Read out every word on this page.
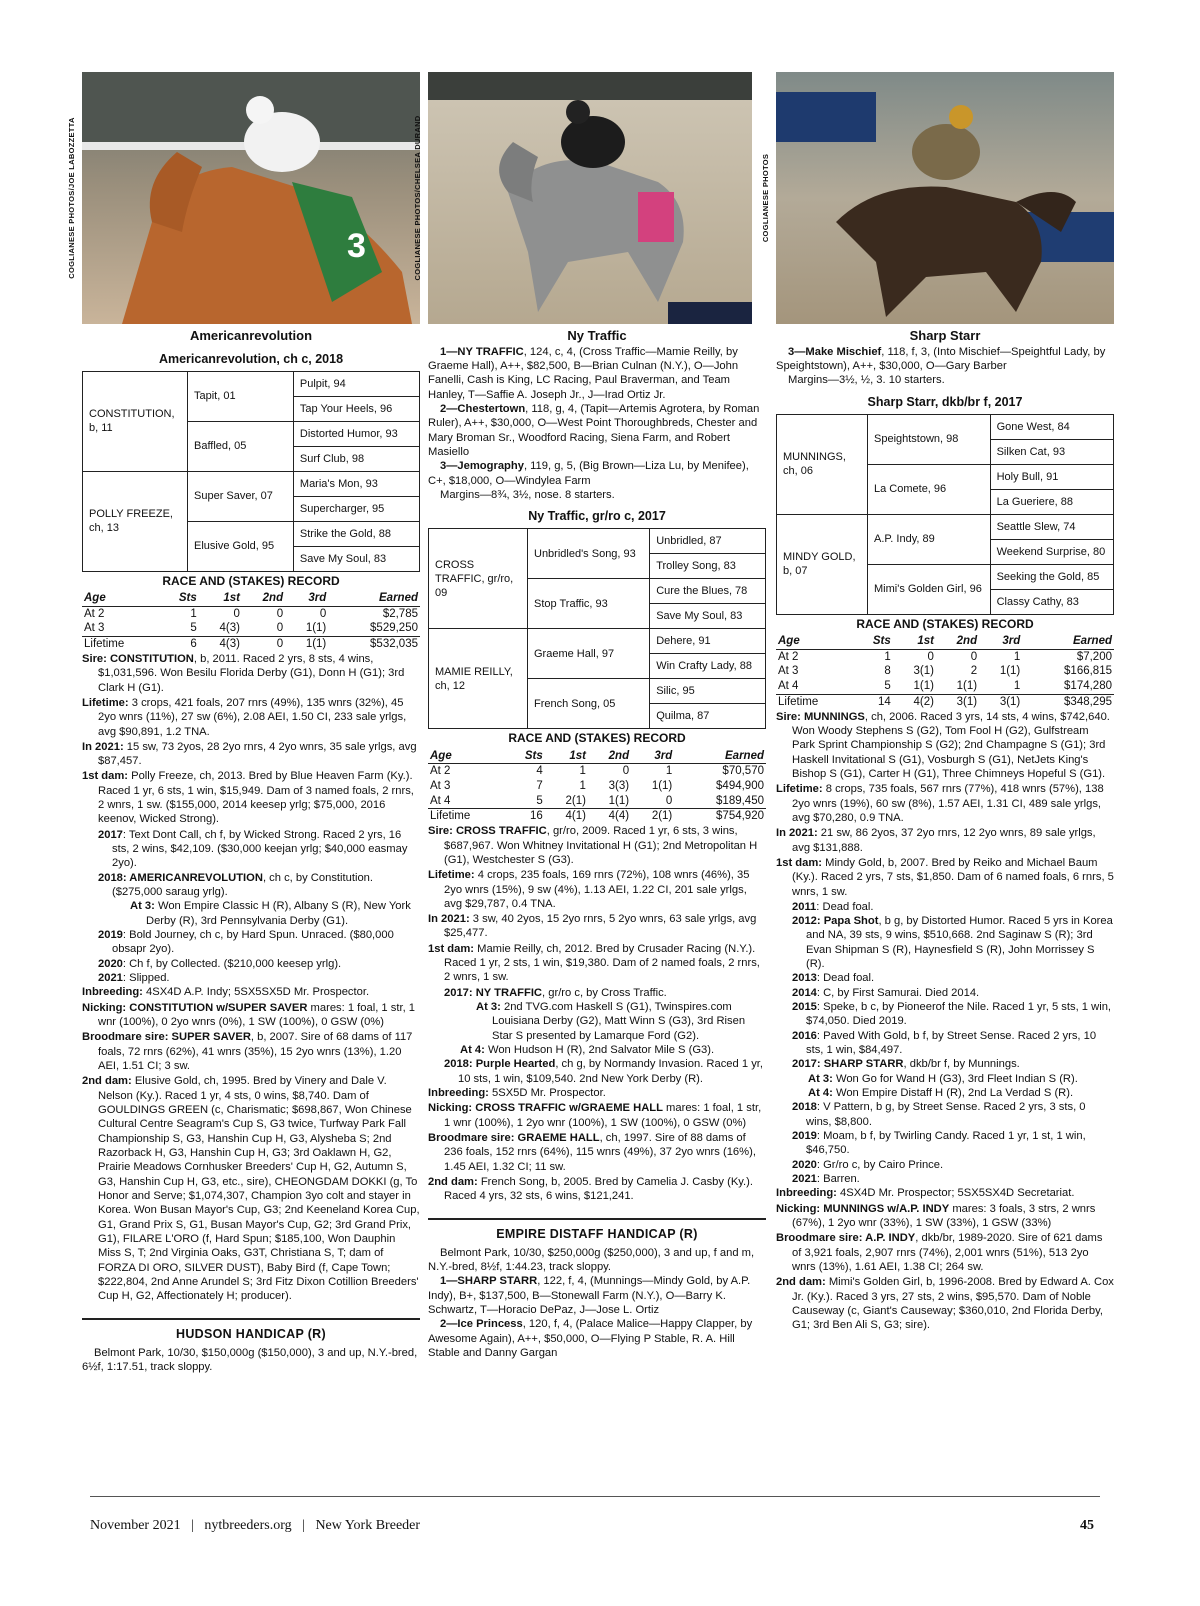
COGLIANESE PHOTOS/JOE LABOZZETTA	3
Americanrevolution
Americanrevolution, ch c, 2018
CONSTITUTION, b, 11	Tapit, 01	Pulpit, 94
		Tap Your Heels, 96
	Baffled, 05	Distorted Humor, 93
		Surf Club, 98
POLLY FREEZE, ch, 13	Super Saver, 07	Maria's Mon, 93
		Supercharger, 95
	Elusive Gold, 95	Strike the Gold, 88
		Save My Soul, 83
RACE AND (STAKES) RECORD
Age	Sts	1st	2nd	3rd	Earned
At 2	1	0	0	0	$2,785
At 3	5	4(3)	0	1(1)	$529,250
Lifetime	6	4(3)	0	1(1)	$532,035

Sire: CONSTITUTION, b, 2011. Raced 2 yrs, 8 sts, 4 wins, $1,031,596. Won Besilu Florida Derby (G1), Donn H (G1); 3rd Clark H (G1).

Lifetime: 3 crops, 421 foals, 207 rnrs (49%), 135 wnrs (32%), 45 2yo wnrs (11%), 27 sw (6%), 2.08 AEI, 1.50 CI, 233 sale yrlgs, avg $90,891, 1.2 TNA.

In 2021: 15 sw, 73 2yos, 28 2yo rnrs, 4 2yo wnrs, 35 sale yrlgs, avg $87,457.

1st dam: Polly Freeze, ch, 2013. Bred by Blue Heaven Farm (Ky.). Raced 1 yr, 6 sts, 1 win, $15,949. Dam of 3 named foals, 2 rnrs, 2 wnrs, 1 sw. ($155,000, 2014 keesep yrlg; $75,000, 2016 keenov, Wicked Strong).

2017: Text Dont Call, ch f, by Wicked Strong. Raced 2 yrs, 16 sts, 2 wins, $42,109. ($30,000 keejan yrlg; $40,000 easmay 2yo).

2018: AMERICANREVOLUTION, ch c, by Constitution. ($275,000 saraug yrlg).

At 3: Won Empire Classic H (R), Albany S (R), New York Derby (R), 3rd Pennsylvania Derby (G1).

2019: Bold Journey, ch c, by Hard Spun. Unraced. ($80,000 obsapr 2yo).

2020: Ch f, by Collected. ($210,000 keesep yrlg).

2021: Slipped.

Inbreeding: 4SX4D A.P. Indy; 5SX5SX5D Mr. Prospector.

Nicking: CONSTITUTION w/SUPER SAVER mares: 1 foal, 1 str, 1 wnr (100%), 0 2yo wnrs (0%), 1 SW (100%), 0 GSW (0%)

Broodmare sire: SUPER SAVER, b, 2007. Sire of 68 dams of 117 foals, 72 rnrs (62%), 41 wnrs (35%), 15 2yo wnrs (13%), 1.20 AEI, 1.51 CI; 3 sw.

2nd dam: Elusive Gold, ch, 1995. Bred by Vinery and Dale V. Nelson (Ky.). Raced 1 yr, 4 sts, 0 wins, $8,740. Dam of GOULDINGS GREEN (c, Charismatic; $698,867, Won Chinese Cultural Centre Seagram's Cup S, G3 twice, Turfway Park Fall Championship S, G3, Hanshin Cup H, G3, Alysheba S; 2nd Razorback H, G3, Hanshin Cup H, G3; 3rd Oaklawn H, G2, Prairie Meadows Cornhusker Breeders' Cup H, G2, Autumn S, G3, Hanshin Cup H, G3, etc., sire), CHEONGDAM DOKKI (g, To Honor and Serve; $1,074,307, Champion 3yo colt and stayer in Korea. Won Busan Mayor's Cup, G3; 2nd Keeneland Korea Cup, G1, Grand Prix S, G1, Busan Mayor's Cup, G2; 3rd Grand Prix, G1), FILARE L'ORO (f, Hard Spun; $185,100, Won Dauphin Miss S, T; 2nd Virginia Oaks, G3T, Christiana S, T; dam of FORZA DI ORO, SILVER DUST), Baby Bird (f, Cape Town; $222,804, 2nd Anne Arundel S; 3rd Fitz Dixon Cotillion Breeders' Cup H, G2, Affectionately H; producer).

HUDSON HANDICAP (R)

Belmont Park, 10/30, $150,000g ($150,000), 3 and up, N.Y.-bred, 6½f, 1:17.51, track sloppy.

COGLIANESE PHOTOS/CHELSEA DURAND
Ny Traffic

1—NY TRAFFIC, 124, c, 4, (Cross Traffic—Mamie Reilly, by Graeme Hall), A++, $82,500, B—Brian Culnan (N.Y.), O—John Fanelli, Cash is King, LC Racing, Paul Braverman, and Team Hanley, T—Saffie A. Joseph Jr., J—Irad Ortiz Jr.

2—Chestertown, 118, g, 4, (Tapit—Artemis Agrotera, by Roman Ruler), A++, $30,000, O—West Point Thoroughbreds, Chester and Mary Broman Sr., Woodford Racing, Siena Farm, and Robert Masiello

3—Jemography, 119, g, 5, (Big Brown—Liza Lu, by Menifee), C+, $18,000, O—Windylea Farm

Margins—8¾, 3½, nose. 8 starters.

Ny Traffic, gr/ro c, 2017
CROSS TRAFFIC, gr/ro, 09	Unbridled's Song, 93	Unbridled, 87
		Trolley Song, 83
	Stop Traffic, 93	Cure the Blues, 78
		Save My Soul, 83
MAMIE REILLY, ch, 12	Graeme Hall, 97	Dehere, 91
		Win Crafty Lady, 88
	French Song, 05	Silic, 95
		Quilma, 87
RACE AND (STAKES) RECORD
Age	Sts	1st	2nd	3rd	Earned
At 2	4	1	0	1	$70,570
At 3	7	1	3(3)	1(1)	$494,900
At 4	5	2(1)	1(1)	0	$189,450
Lifetime	16	4(1)	4(4)	2(1)	$754,920

Sire: CROSS TRAFFIC, gr/ro, 2009. Raced 1 yr, 6 sts, 3 wins, $687,967. Won Whitney Invitational H (G1); 2nd Metropolitan H (G1), Westchester S (G3).

Lifetime: 4 crops, 235 foals, 169 rnrs (72%), 108 wnrs (46%), 35 2yo wnrs (15%), 9 sw (4%), 1.13 AEI, 1.22 CI, 201 sale yrlgs, avg $29,787, 0.4 TNA.

In 2021: 3 sw, 40 2yos, 15 2yo rnrs, 5 2yo wnrs, 63 sale yrlgs, avg $25,477.

1st dam: Mamie Reilly, ch, 2012. Bred by Crusader Racing (N.Y.). Raced 1 yr, 2 sts, 1 win, $19,380. Dam of 2 named foals, 2 rnrs, 2 wnrs, 1 sw.

2017: NY TRAFFIC, gr/ro c, by Cross Traffic.

At 3: 2nd TVG.com Haskell S (G1), Twinspires.com Louisiana Derby (G2), Matt Winn S (G3), 3rd Risen Star S presented by Lamarque Ford (G2).

At 4: Won Hudson H (R), 2nd Salvator Mile S (G3).

2018: Purple Hearted, ch g, by Normandy Invasion. Raced 1 yr, 10 sts, 1 win, $109,540. 2nd New York Derby (R).

Inbreeding: 5SX5D Mr. Prospector.

Nicking: CROSS TRAFFIC w/GRAEME HALL mares: 1 foal, 1 str, 1 wnr (100%), 1 2yo wnr (100%), 1 SW (100%), 0 GSW (0%)

Broodmare sire: GRAEME HALL, ch, 1997. Sire of 88 dams of 236 foals, 152 rnrs (64%), 115 wnrs (49%), 37 2yo wnrs (16%), 1.45 AEI, 1.32 CI; 11 sw.

2nd dam: French Song, b, 2005. Bred by Camelia J. Casby (Ky.). Raced 4 yrs, 32 sts, 6 wins, $121,241.

EMPIRE DISTAFF HANDICAP (R)

Belmont Park, 10/30, $250,000g ($250,000), 3 and up, f and m, N.Y.-bred, 8½f, 1:44.23, track sloppy.

1—SHARP STARR, 122, f, 4, (Munnings—Mindy Gold, by A.P. Indy), B+, $137,500, B—Stonewall Farm (N.Y.), O—Barry K. Schwartz, T—Horacio DePaz, J—Jose L. Ortiz

2—Ice Princess, 120, f, 4, (Palace Malice—Happy Clapper, by Awesome Again), A++, $50,000, O—Flying P Stable, R. A. Hill Stable and Danny Gargan

COGLIANESE PHOTOS
Sharp Starr

3—Make Mischief, 118, f, 3, (Into Mischief—Speightful Lady, by Speightstown), A++, $30,000, O—Gary Barber

Margins—3½, ½, 3. 10 starters.

Sharp Starr, dkb/br f, 2017
MUNNINGS, ch, 06	Speightstown, 98	Gone West, 84
		Silken Cat, 93
	La Comete, 96	Holy Bull, 91
		La Gueriere, 88
MINDY GOLD, b, 07	A.P. Indy, 89	Seattle Slew, 74
		Weekend Surprise, 80
	Mimi's Golden Girl, 96	Seeking the Gold, 85
		Classy Cathy, 83
RACE AND (STAKES) RECORD
Age	Sts	1st	2nd	3rd	Earned
At 2	1	0	0	1	$7,200
At 3	8	3(1)	2	1(1)	$166,815
At 4	5	1(1)	1(1)	1	$174,280
Lifetime	14	4(2)	3(1)	3(1)	$348,295

Sire: MUNNINGS, ch, 2006. Raced 3 yrs, 14 sts, 4 wins, $742,640. Won Woody Stephens S (G2), Tom Fool H (G2), Gulfstream Park Sprint Championship S (G2); 2nd Champagne S (G1); 3rd Haskell Invitational S (G1), Vosburgh S (G1), NetJets King's Bishop S (G1), Carter H (G1), Three Chimneys Hopeful S (G1).

Lifetime: 8 crops, 735 foals, 567 rnrs (77%), 418 wnrs (57%), 138 2yo wnrs (19%), 60 sw (8%), 1.57 AEI, 1.31 CI, 489 sale yrlgs, avg $70,280, 0.9 TNA.

In 2021: 21 sw, 86 2yos, 37 2yo rnrs, 12 2yo wnrs, 89 sale yrlgs, avg $131,888.

1st dam: Mindy Gold, b, 2007. Bred by Reiko and Michael Baum (Ky.). Raced 2 yrs, 7 sts, $1,850. Dam of 6 named foals, 6 rnrs, 5 wnrs, 1 sw.

2011: Dead foal.

2012: Papa Shot, b g, by Distorted Humor. Raced 5 yrs in Korea and NA, 39 sts, 9 wins, $510,668. 2nd Saginaw S (R); 3rd Evan Shipman S (R), Haynesfield S (R), John Morrissey S (R).

2013: Dead foal.

2014: C, by First Samurai. Died 2014.

2015: Speke, b c, by Pioneerof the Nile. Raced 1 yr, 5 sts, 1 win, $74,050. Died 2019.

2016: Paved With Gold, b f, by Street Sense. Raced 2 yrs, 10 sts, 1 win, $84,497.

2017: SHARP STARR, dkb/br f, by Munnings.

At 3: Won Go for Wand H (G3), 3rd Fleet Indian S (R).

At 4: Won Empire Distaff H (R), 2nd La Verdad S (R).

2018: V Pattern, b g, by Street Sense. Raced 2 yrs, 3 sts, 0 wins, $8,800.

2019: Moam, b f, by Twirling Candy. Raced 1 yr, 1 st, 1 win, $46,750.

2020: Gr/ro c, by Cairo Prince.

2021: Barren.

Inbreeding: 4SX4D Mr. Prospector; 5SX5SX4D Secretariat.

Nicking: MUNNINGS w/A.P. INDY mares: 3 foals, 3 strs, 2 wnrs (67%), 1 2yo wnr (33%), 1 SW (33%), 1 GSW (33%)

Broodmare sire: A.P. INDY, dkb/br, 1989-2020. Sire of 621 dams of 3,921 foals, 2,907 rnrs (74%), 2,001 wnrs (51%), 513 2yo wnrs (13%), 1.61 AEI, 1.38 CI; 264 sw.

2nd dam: Mimi's Golden Girl, b, 1996-2008. Bred by Edward A. Cox Jr. (Ky.). Raced 3 yrs, 27 sts, 2 wins, $95,570. Dam of Noble Causeway (c, Giant's Causeway; $360,010, 2nd Florida Derby, G1; 3rd Ben Ali S, G3; sire).

November 2021   |   nytbreeders.org   |   New York Breeder	45
